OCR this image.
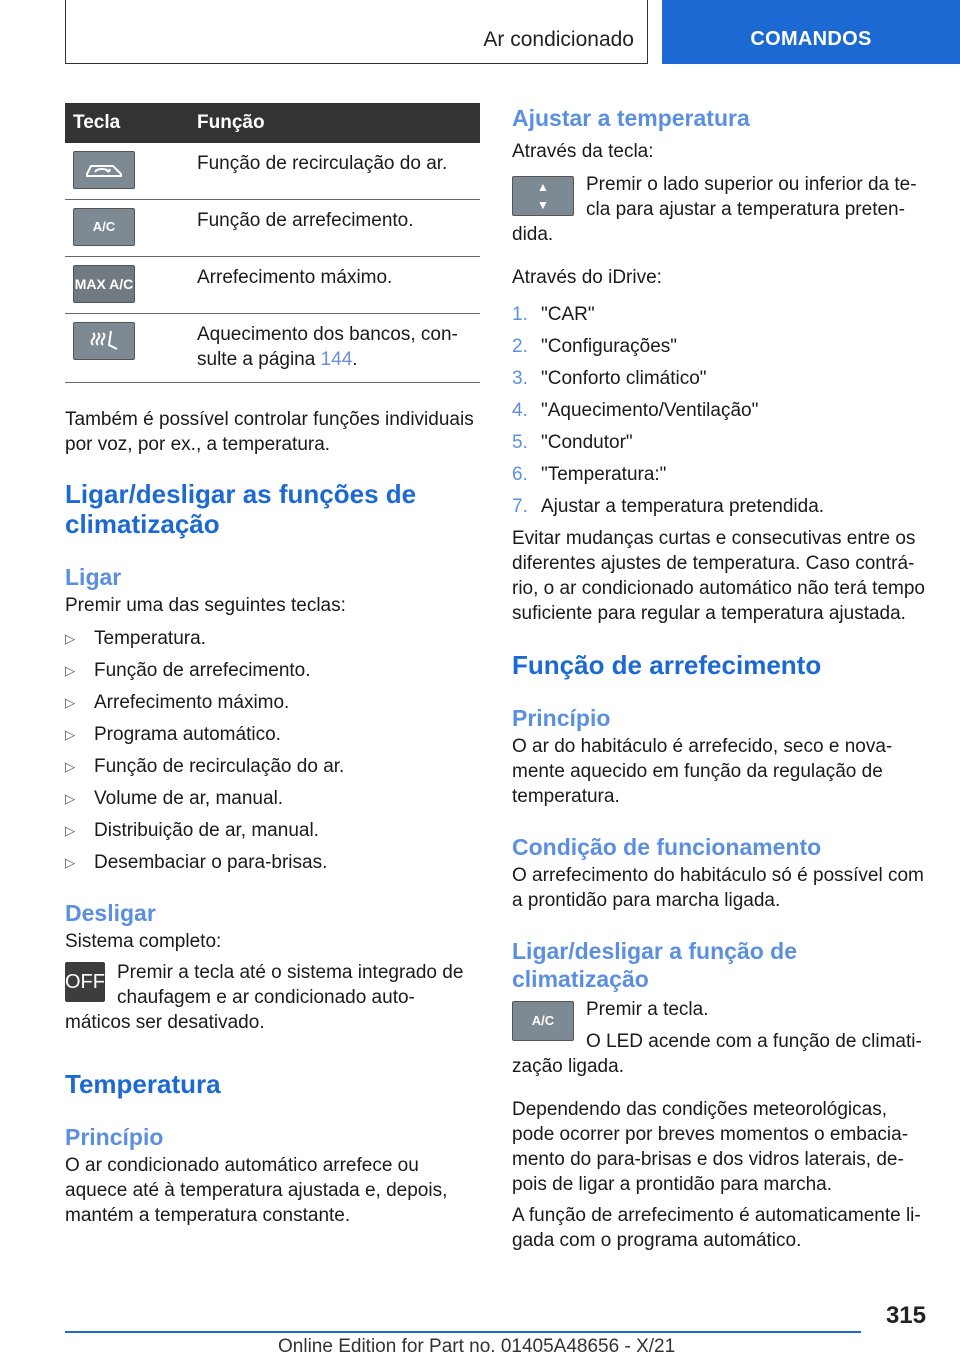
Ar condicionado	COMANDOS
Tecla	Função

	Função de recirculação do ar.

A/C	Função de arrefecimento.

MAX A/C	Arrefecimento máximo.

	Aquecimento dos bancos, con-sulte a página 144.

Também é possível controlar funções individuais por voz, por ex., a temperatura.

Ligar/desligar as funções de climatização
Ligar

Premir uma das seguintes teclas:

▷ Temperatura.
▷ Função de arrefecimento.
▷ Arrefecimento máximo.
▷ Programa automático.
▷ Função de recirculação do ar.
▷ Volume de ar, manual.
▷ Distribuição de ar, manual.
▷ Desembaciar o para-brisas.
Desligar

Sistema completo:

OFF Premir a tecla até o sistema integrado de chaufagem e ar condicionado auto-

máticos ser desativado.

Temperatura
Princípio

O ar condicionado automático arrefece ou aquece até à temperatura ajustada e, depois, mantém a temperatura constante.

Ajustar a temperatura

Através da tecla:

▲
▼

Premir o lado superior ou inferior da te-cla para ajustar a temperatura preten-

dida.

Através do iDrive:

1. "CAR"
2. "Configurações"
3. "Conforto climático"
4. "Aquecimento/Ventilação"
5. "Condutor"
6. "Temperatura:"
7. Ajustar a temperatura pretendida.

Evitar mudanças curtas e consecutivas entre os diferentes ajustes de temperatura. Caso contrá-rio, o ar condicionado automático não terá tempo suficiente para regular a temperatura ajustada.

Função de arrefecimento
Princípio

O ar do habitáculo é arrefecido, seco e nova-mente aquecido em função da regulação de temperatura.

Condição de funcionamento

O arrefecimento do habitáculo só é possível com a prontidão para marcha ligada.

Ligar/desligar a função de climatização
A/C

Premir a tecla.

O LED acende com a função de climati-

zação ligada.

Dependendo das condições meteorológicas, pode ocorrer por breves momentos o embacia-mento do para-brisas e dos vidros laterais, de-pois de ligar a prontidão para marcha.

A função de arrefecimento é automaticamente li-gada com o programa automático.

315
Online Edition for Part no. 01405A48656 - X/21
